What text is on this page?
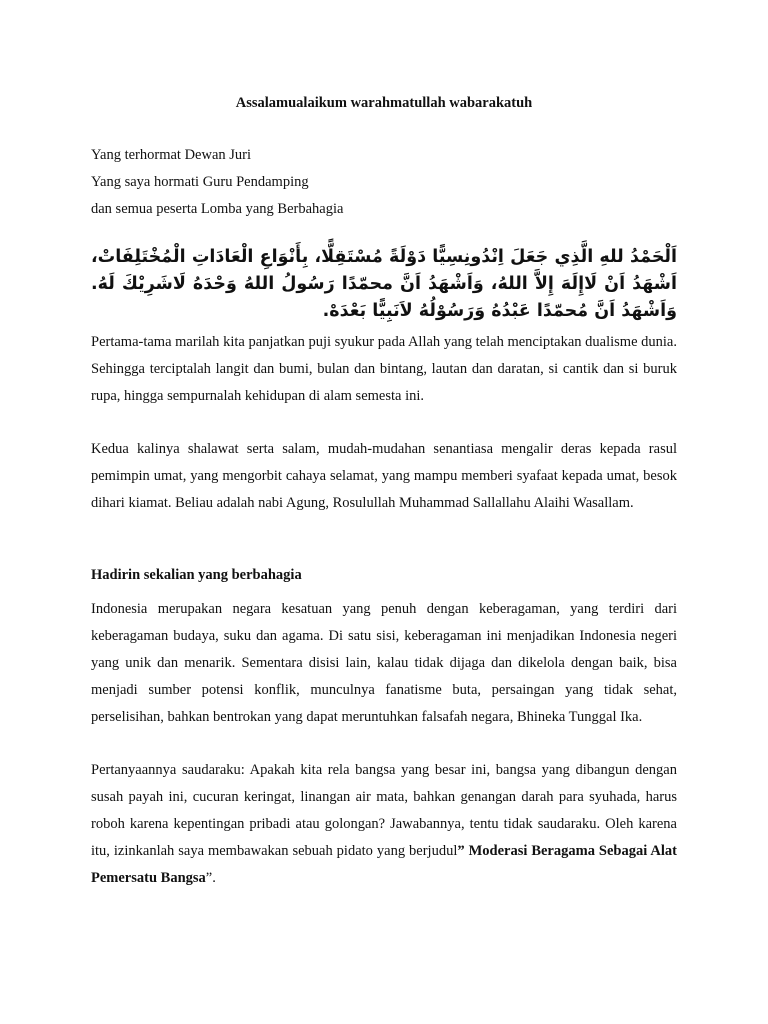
Assalamualaikum warahmatullah wabarakatuh
Yang terhormat Dewan Juri
Yang saya hormati Guru Pendamping
dan semua peserta Lomba yang Berbahagia
اَلْحَمْدُ للهِ الَّذِي جَعَلَ اِنْدُونِسِيًّا دَوْلَةً مُسْتَقِلًّا، بِأَنْوَاعِ الْعَادَاتِ الْمُخْتَلِفَاتْ، اَشْهَدُ اَنْ لَاإِلَهَ إِلاَّ اللهُ، وَاَشْهَدُ اَنَّ محمّدًا رَسُولُ اللهُ وَحْدَهُ لَاشَرِيْكَ لَهُ. وَاَشْهَدُ اَنَّ مُحمّدًا عَبْدُهُ وَرَسُوْلُهُ لاَنَبِيًّا بَعْدَهْ.

Pertama-tama marilah kita panjatkan puji syukur pada Allah yang telah menciptakan dualisme dunia. Sehingga terciptalah langit dan bumi, bulan dan bintang, lautan dan daratan, si cantik dan si buruk rupa, hingga sempurnalah kehidupan di alam semesta ini.

Kedua kalinya shalawat serta salam, mudah-mudahan senantiasa mengalir deras kepada rasul pemimpin umat, yang mengorbit cahaya selamat, yang mampu memberi syafaat kepada umat, besok dihari kiamat. Beliau adalah nabi Agung, Rosulullah Muhammad Sallallahu Alaihi Wasallam.

Hadirin sekalian yang berbahagia

Indonesia merupakan negara kesatuan yang penuh dengan keberagaman, yang terdiri dari keberagaman budaya, suku dan agama. Di satu sisi, keberagaman ini menjadikan Indonesia negeri yang unik dan menarik. Sementara disisi lain, kalau tidak dijaga dan dikelola dengan baik, bisa menjadi sumber potensi konflik, munculnya fanatisme buta, persaingan yang tidak sehat, perselisihan, bahkan bentrokan yang dapat meruntuhkan falsafah negara, Bhineka Tunggal Ika.

Pertanyaannya saudaraku: Apakah kita rela bangsa yang besar ini, bangsa yang dibangun dengan susah payah ini, cucuran keringat, linangan air mata, bahkan genangan darah para syuhada, harus roboh karena kepentingan pribadi atau golongan? Jawabannya, tentu tidak saudaraku. Oleh karena itu, izinkanlah saya membawakan sebuah pidato yang berjudul” Moderasi Beragama Sebagai Alat Pemersatu Bangsa”.
